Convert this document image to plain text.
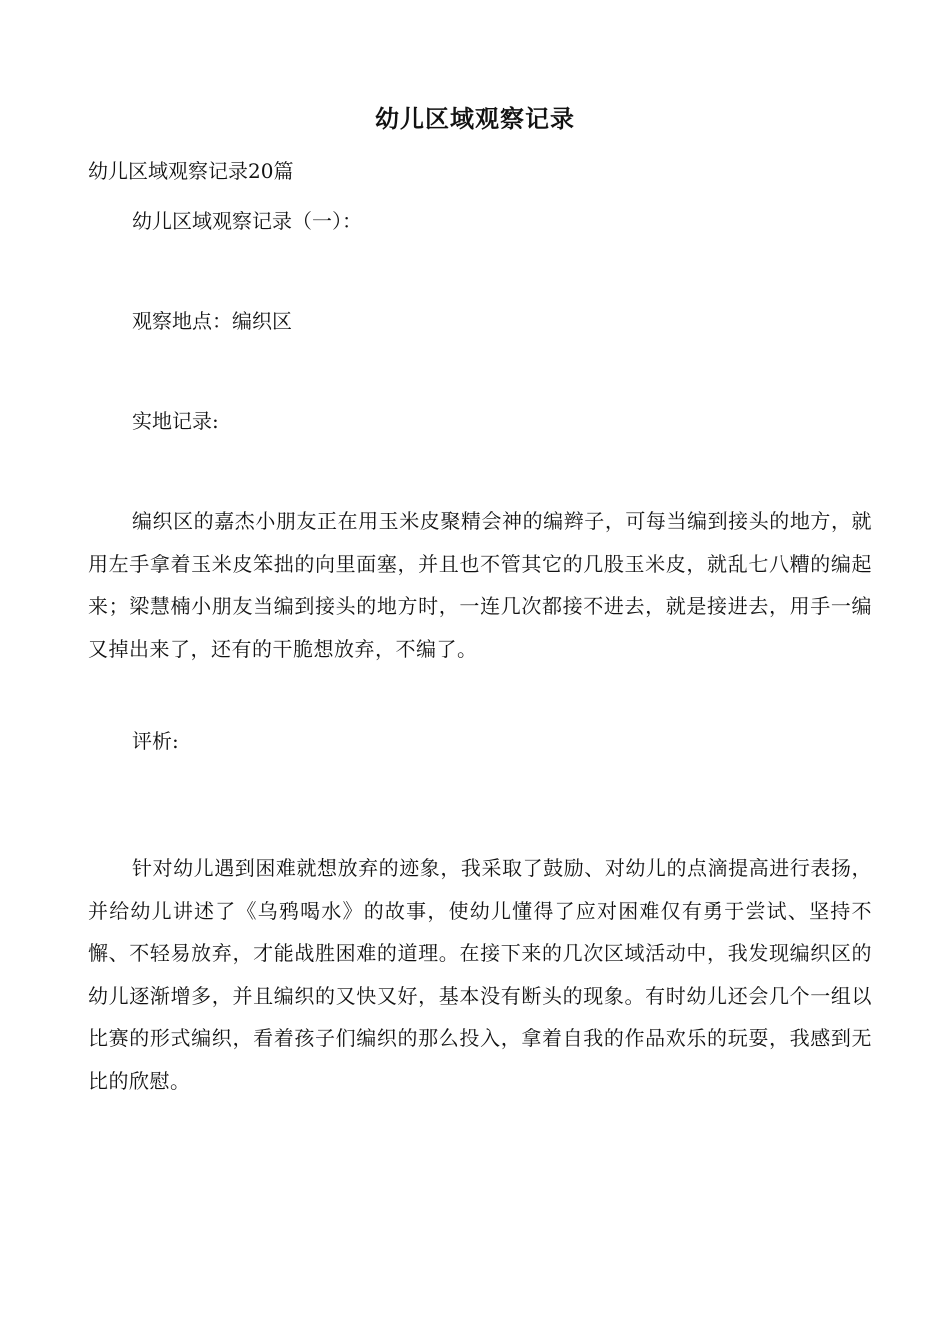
幼儿区域观察记录

幼儿区域观察记录20篇

幼儿区域观察记录（一）：

观察地点：编织区

实地记录:

编织区的嘉杰小朋友正在用玉米皮聚精会神的编辫子，可每当编到接头的地方，就用左手拿着玉米皮笨拙的向里面塞，并且也不管其它的几股玉米皮，就乱七八糟的编起来；梁慧楠小朋友当编到接头的地方时，一连几次都接不进去，就是接进去，用手一编又掉出来了，还有的干脆想放弃，不编了。

评析:

针对幼儿遇到困难就想放弃的迹象，我采取了鼓励、对幼儿的点滴提高进行表扬，并给幼儿讲述了《乌鸦喝水》的故事，使幼儿懂得了应对困难仅有勇于尝试、坚持不懈、不轻易放弃，才能战胜困难的道理。在接下来的几次区域活动中，我发现编织区的幼儿逐渐增多，并且编织的又快又好，基本没有断头的现象。有时幼儿还会几个一组以比赛的形式编织，看着孩子们编织的那么投入，拿着自我的作品欢乐的玩耍，我感到无比的欣慰。
